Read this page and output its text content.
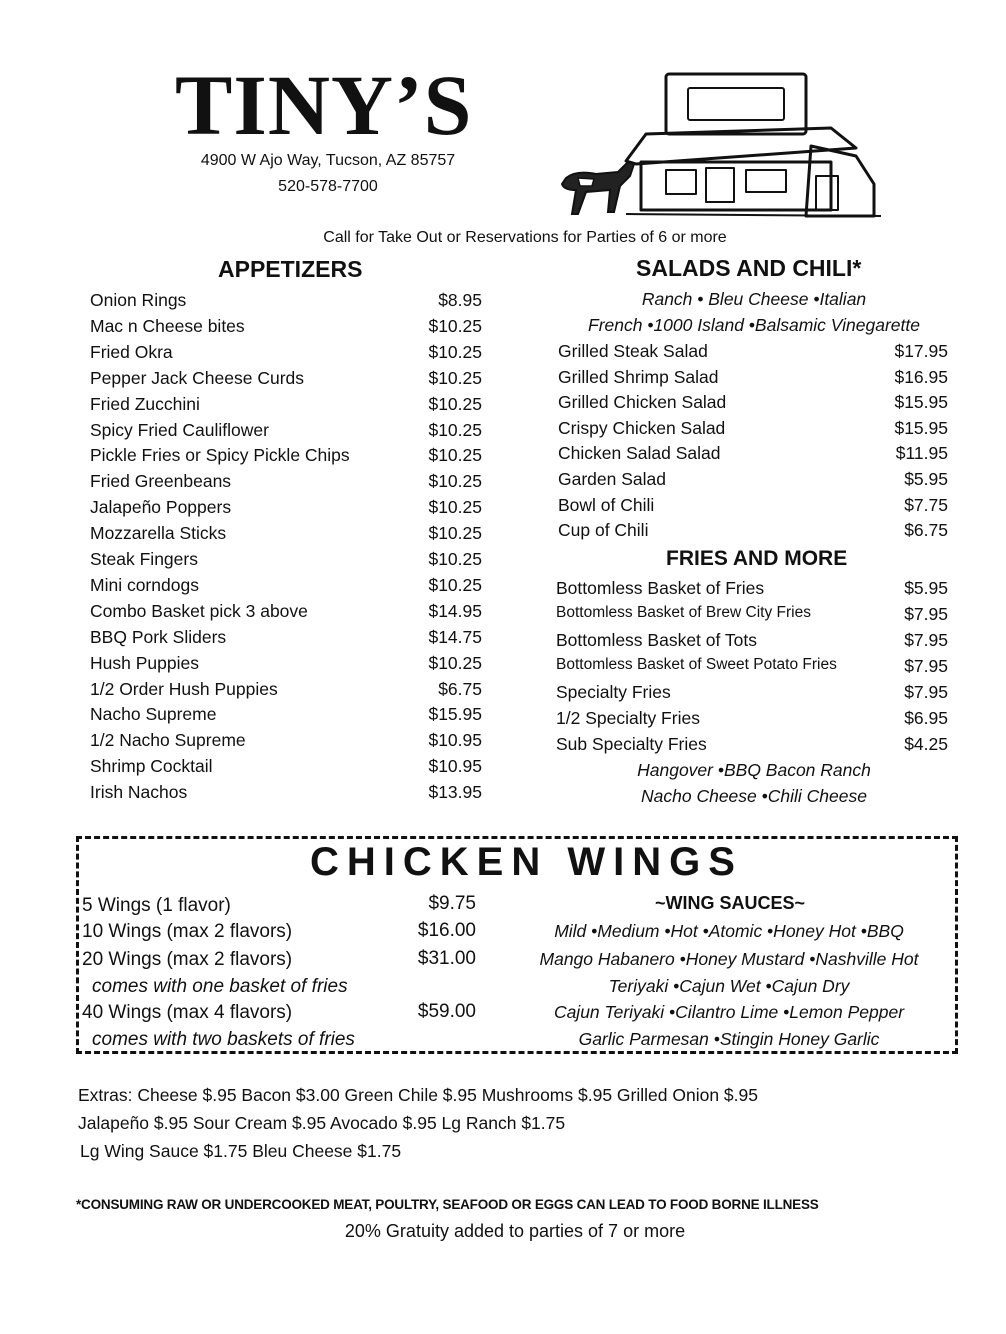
TINY’S
4900 W Ajo Way, Tucson, AZ 85757
520-578-7700
Call for Take Out or Reservations for Parties of 6 or more
APPETIZERS
Onion Rings	$8.95
Mac n Cheese bites	$10.25
Fried Okra	$10.25
Pepper Jack Cheese Curds	$10.25
Fried Zucchini	$10.25
Spicy Fried Cauliflower	$10.25
Pickle Fries or Spicy Pickle Chips	$10.25
Fried Greenbeans	$10.25
Jalapeño Poppers	$10.25
Mozzarella Sticks	$10.25
Steak Fingers	$10.25
Mini corndogs	$10.25
Combo Basket pick 3 above	$14.95
BBQ Pork Sliders	$14.75
Hush Puppies	$10.25
1/2 Order Hush Puppies	$6.75
Nacho Supreme	$15.95
1/2 Nacho Supreme	$10.95
Shrimp Cocktail	$10.95
Irish Nachos	$13.95
SALADS AND CHILI*
Ranch • Bleu Cheese •Italian
French •1000 Island •Balsamic Vinegarette
Grilled Steak Salad	$17.95
Grilled Shrimp Salad	$16.95
Grilled Chicken Salad	$15.95
Crispy Chicken Salad	$15.95
Chicken Salad Salad	$11.95
Garden Salad	$5.95
Bowl of Chili	$7.75
Cup of Chili	$6.75
FRIES AND MORE
Bottomless Basket of Fries	$5.95
Bottomless Basket of Brew City Fries	$7.95
Bottomless Basket of Tots	$7.95
Bottomless Basket of Sweet Potato Fries	$7.95
Specialty Fries	$7.95
1/2 Specialty Fries	$6.95
Sub Specialty Fries	$4.25
Hangover •BBQ Bacon Ranch
Nacho Cheese •Chili Cheese
CHICKEN WINGS
5 Wings (1 flavor)	$9.75
10 Wings (max 2 flavors)	$16.00
20 Wings (max 2 flavors)	$31.00
comes with one basket of fries
40 Wings (max 4 flavors)	$59.00
comes with two baskets of fries
~WING SAUCES~
Mild •Medium •Hot •Atomic •Honey Hot •BBQ
Mango Habanero •Honey Mustard •Nashville Hot
Teriyaki •Cajun Wet •Cajun Dry
Cajun Teriyaki •Cilantro Lime •Lemon Pepper
Garlic Parmesan •Stingin Honey Garlic
Extras: Cheese $.95 Bacon $3.00 Green Chile $.95 Mushrooms $.95 Grilled Onion $.95
Jalapeño $.95 Sour Cream $.95 Avocado $.95 Lg Ranch $1.75
Lg Wing Sauce $1.75 Bleu Cheese $1.75
*CONSUMING RAW OR UNDERCOOKED MEAT, POULTRY, SEAFOOD OR EGGS CAN LEAD TO FOOD BORNE ILLNESS
20% Gratuity added to parties of 7 or more
